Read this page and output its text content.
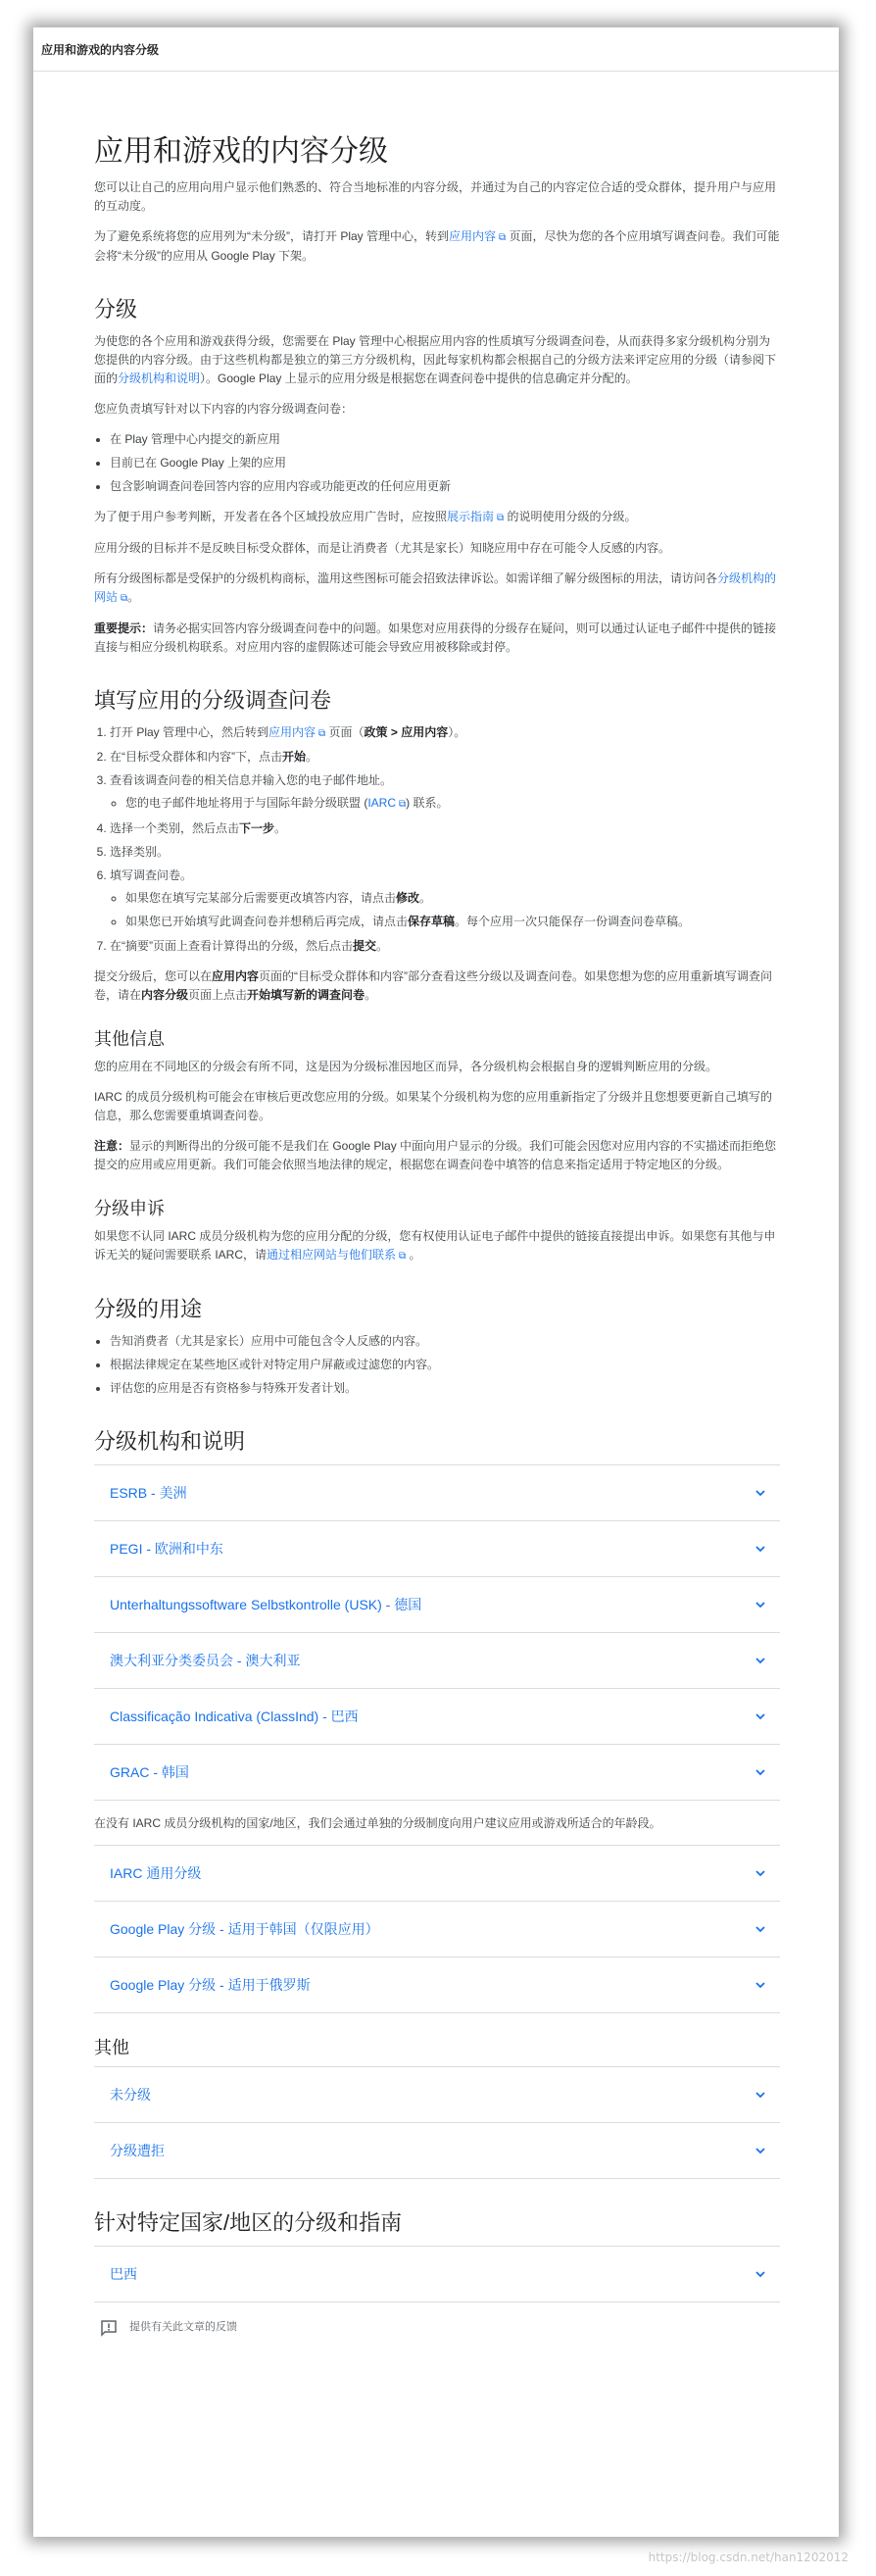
应用和游戏的内容分级
应用和游戏的内容分级

您可以让自己的应用向用户显示他们熟悉的、符合当地标准的内容分级，并通过为自己的内容定位合适的受众群体，提升用户与应用的互动度。

为了避免系统将您的应用列为“未分级”，请打开 Play 管理中心，转到应用内容 ⧉ 页面，尽快为您的各个应用填写调查问卷。我们可能会将“未分级”的应用从 Google Play 下架。

分级

为使您的各个应用和游戏获得分级，您需要在 Play 管理中心根据应用内容的性质填写分级调查问卷，从而获得多家分级机构分别为您提供的内容分级。由于这些机构都是独立的第三方分级机构，因此每家机构都会根据自己的分级方法来评定应用的分级（请参阅下面的分级机构和说明）。Google Play 上显示的应用分级是根据您在调查问卷中提供的信息确定并分配的。

您应负责填写针对以下内容的内容分级调查问卷：

• 在 Play 管理中心内提交的新应用
• 目前已在 Google Play 上架的应用
• 包含影响调查问卷回答内容的应用内容或功能更改的任何应用更新

为了便于用户参考判断，开发者在各个区域投放应用广告时，应按照展示指南 ⧉ 的说明使用分级的分级。

应用分级的目标并不是反映目标受众群体，而是让消费者（尤其是家长）知晓应用中存在可能令人反感的内容。

所有分级图标都是受保护的分级机构商标，滥用这些图标可能会招致法律诉讼。如需详细了解分级图标的用法，请访问各分级机构的网站 ⧉。

重要提示：请务必据实回答内容分级调查问卷中的问题。如果您对应用获得的分级存在疑问，则可以通过认证电子邮件中提供的链接直接与相应分级机构联系。对应用内容的虚假陈述可能会导致应用被移除或封停。

填写应用的分级调查问卷
1. 打开 Play 管理中心，然后转到应用内容 ⧉ 页面（政策 > 应用内容）。
2. 在“目标受众群体和内容”下，点击开始。
3. 查看该调查问卷的相关信息并输入您的电子邮件地址。
◦ 您的电子邮件地址将用于与国际年龄分级联盟 (IARC ⧉) 联系。
4. 选择一个类别，然后点击下一步。
5. 选择类别。
6. 填写调查问卷。
◦ 如果您在填写完某部分后需要更改填答内容，请点击修改。
◦ 如果您已开始填写此调查问卷并想稍后再完成，请点击保存草稿。每个应用一次只能保存一份调查问卷草稿。
7. 在“摘要”页面上查看计算得出的分级，然后点击提交。

提交分级后，您可以在应用内容页面的“目标受众群体和内容”部分查看这些分级以及调查问卷。如果您想为您的应用重新填写调查问卷，请在内容分级页面上点击开始填写新的调查问卷。

其他信息

您的应用在不同地区的分级会有所不同，这是因为分级标准因地区而异，各分级机构会根据自身的逻辑判断应用的分级。

IARC 的成员分级机构可能会在审核后更改您应用的分级。如果某个分级机构为您的应用重新指定了分级并且您想要更新自己填写的信息，那么您需要重填调查问卷。

注意：显示的判断得出的分级可能不是我们在 Google Play 中面向用户显示的分级。我们可能会因您对应用内容的不实描述而拒绝您提交的应用或应用更新。我们可能会依照当地法律的规定，根据您在调查问卷中填答的信息来指定适用于特定地区的分级。

分级申诉

如果您不认同 IARC 成员分级机构为您的应用分配的分级，您有权使用认证电子邮件中提供的链接直接提出申诉。如果您有其他与申诉无关的疑问需要联系 IARC，请通过相应网站与他们联系 ⧉ 。

分级的用途
• 告知消费者（尤其是家长）应用中可能包含令人反感的内容。
• 根据法律规定在某些地区或针对特定用户屏蔽或过滤您的内容。
• 评估您的应用是否有资格参与特殊开发者计划。
分级机构和说明
ESRB - 美洲
PEGI - 欧洲和中东
Unterhaltungssoftware Selbstkontrolle (USK) - 德国
澳大利亚分类委员会 - 澳大利亚
Classificação Indicativa (ClassInd) - 巴西
GRAC - 韩国

在没有 IARC 成员分级机构的国家/地区，我们会通过单独的分级制度向用户建议应用或游戏所适合的年龄段。

IARC 通用分级
Google Play 分级 - 适用于韩国（仅限应用）
Google Play 分级 - 适用于俄罗斯
其他
未分级
分级遭拒
针对特定国家/地区的分级和指南
巴西
提供有关此文章的反馈
https://blog.csdn.net/han1202012
